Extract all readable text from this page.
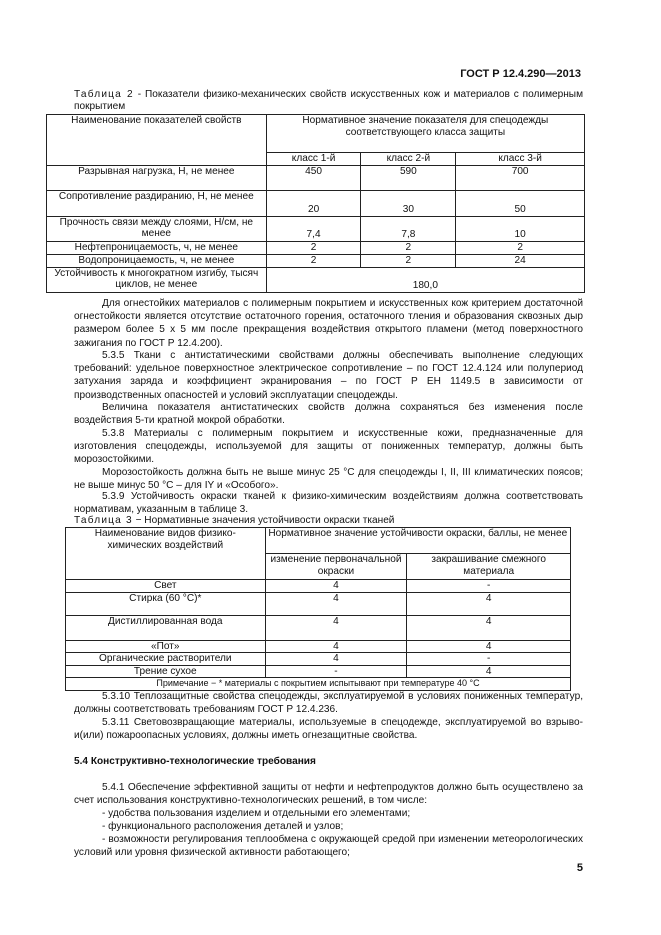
ГОСТ Р 12.4.290—2013
Таблица 2 - Показатели физико-механических свойств искусственных кож и материалов с полимерным покрытием
Наименование показателей свойств	Нормативное значение показателя для спецодежды соответствующего класса защиты		
	класс 1-й	класс 2-й	класс 3-й
Разрывная нагрузка, Н, не менее	450	590	700
Сопротивление раздиранию, Н, не менее	20	30	50
Прочность связи между слоями, Н/см, не менее	7,4	7,8	10
Нефтепроницаемость, ч, не менее	2	2	2
Водопроницаемость, ч, не менее	2	2	24
Устойчивость к многократном изгибу, тысяч циклов, не менее	180,0		
Для огнестойких материалов с полимерным покрытием и искусственных кож критерием достаточной огнестойкости является отсутствие остаточного горения, остаточного тления и образования сквозных дыр размером более 5 х 5 мм после прекращения воздействия открытого пламени (метод поверхностного зажигания по ГОСТ Р 12.4.200).
5.3.5 Ткани с антистатическими свойствами должны обеспечивать выполнение следующих требований: удельное поверхностное электрическое сопротивление – по ГОСТ 12.4.124 или полупериод затухания заряда и коэффициент экранирования – по ГОСТ Р ЕН 1149.5 в зависимости от производственных опасностей и условий эксплуатации спецодежды.
Величина показателя антистатических свойств должна сохраняться без изменения после воздействия 5-ти кратной мокрой обработки.
5.3.8 Материалы с полимерным покрытием и искусственные кожи, предназначенные для изготовления спецодежды, используемой для защиты от пониженных температур, должны быть морозостойкими.
Морозостойкость должна быть не выше минус 25 °С для спецодежды I, II, III климатических поясов; не выше минус 50 °С – для IY и «Особого».
5.3.9 Устойчивость окраски тканей к физико-химическим воздействиям должна соответствовать нормативам, указанным в таблице 3.
Таблица 3 − Нормативные значения устойчивости окраски тканей
Наименование видов физико-химических воздействий	Нормативное значение устойчивости окраски, баллы, не менее	
	изменение первоначальной окраски	закрашивание смежного материала
Свет	4	-
Стирка (60 °С)*	4	4
Дистиллированная вода	4	4
«Пот»	4	4
Органические растворители	4	-
Трение сухое	-	4
Примечание − * материалы с покрытием испытывают при температуре 40 °С		
5.3.10 Теплозащитные свойства спецодежды, эксплуатируемой в условиях пониженных температур, должны соответствовать требованиям ГОСТ Р 12.4.236.
5.3.11 Световозвращающие материалы, используемые в спецодежде, эксплуатируемой во взрыво- и(или) пожароопасных условиях, должны иметь огнезащитные свойства.
5.4 Конструктивно-технологические требования
5.4.1 Обеспечение эффективной защиты от нефти и нефтепродуктов должно быть осуществлено за счет использования конструктивно-технологических решений, в том числе:
- удобства пользования изделием и отдельными его элементами;
- функционального расположения деталей и узлов;
- возможности регулирования теплообмена с окружающей средой при изменении метеорологических условий или уровня физической активности работающего;
5
